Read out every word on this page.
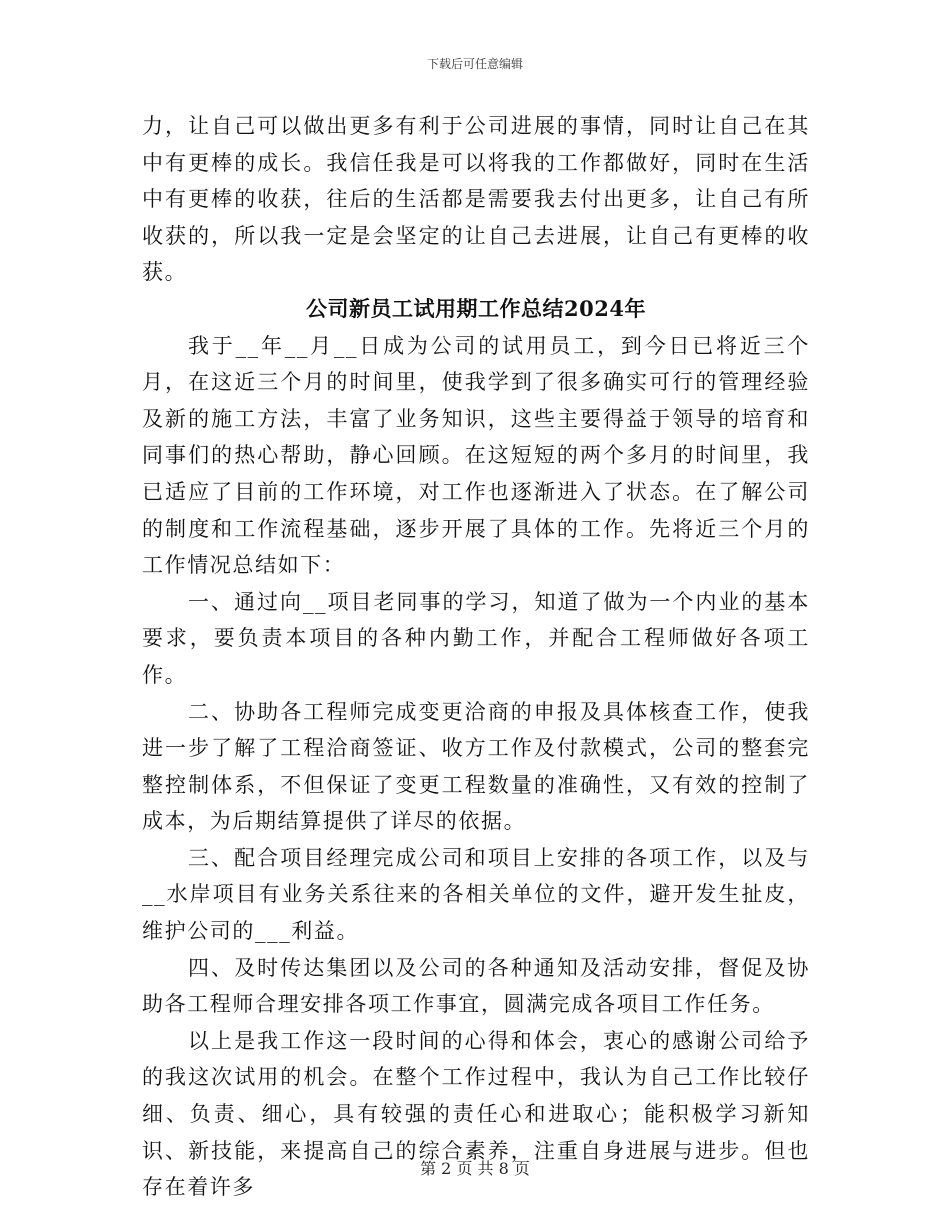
下载后可任意编辑

力，让自己可以做出更多有利于公司进展的事情，同时让自己在其中有更棒的成长。我信任我是可以将我的工作都做好，同时在生活中有更棒的收获，往后的生活都是需要我去付出更多，让自己有所收获的，所以我一定是会坚定的让自己去进展，让自己有更棒的收获。

公司新员工试用期工作总结2024年

我于__年__月__日成为公司的试用员工，到今日已将近三个月，在这近三个月的时间里，使我学到了很多确实可行的管理经验及新的施工方法，丰富了业务知识，这些主要得益于领导的培育和同事们的热心帮助，静心回顾。在这短短的两个多月的时间里，我已适应了目前的工作环境，对工作也逐渐进入了状态。在了解公司的制度和工作流程基础，逐步开展了具体的工作。先将近三个月的工作情况总结如下：

一、通过向__项目老同事的学习，知道了做为一个内业的基本要求，要负责本项目的各种内勤工作，并配合工程师做好各项工作。

二、协助各工程师完成变更洽商的申报及具体核查工作，使我进一步了解了工程洽商签证、收方工作及付款模式，公司的整套完整控制体系，不但保证了变更工程数量的准确性，又有效的控制了成本，为后期结算提供了详尽的依据。

三、配合项目经理完成公司和项目上安排的各项工作，以及与__水岸项目有业务关系往来的各相关单位的文件，避开发生扯皮，维护公司的___利益。

四、及时传达集团以及公司的各种通知及活动安排，督促及协助各工程师合理安排各项工作事宜，圆满完成各项目工作任务。

以上是我工作这一段时间的心得和体会，衷心的感谢公司给予的我这次试用的机会。在整个工作过程中，我认为自己工作比较仔细、负责、细心，具有较强的责任心和进取心；能积极学习新知识、新技能，来提高自己的综合素养，注重自身进展与进步。但也存在着许多

第 2 页 共 8 页
